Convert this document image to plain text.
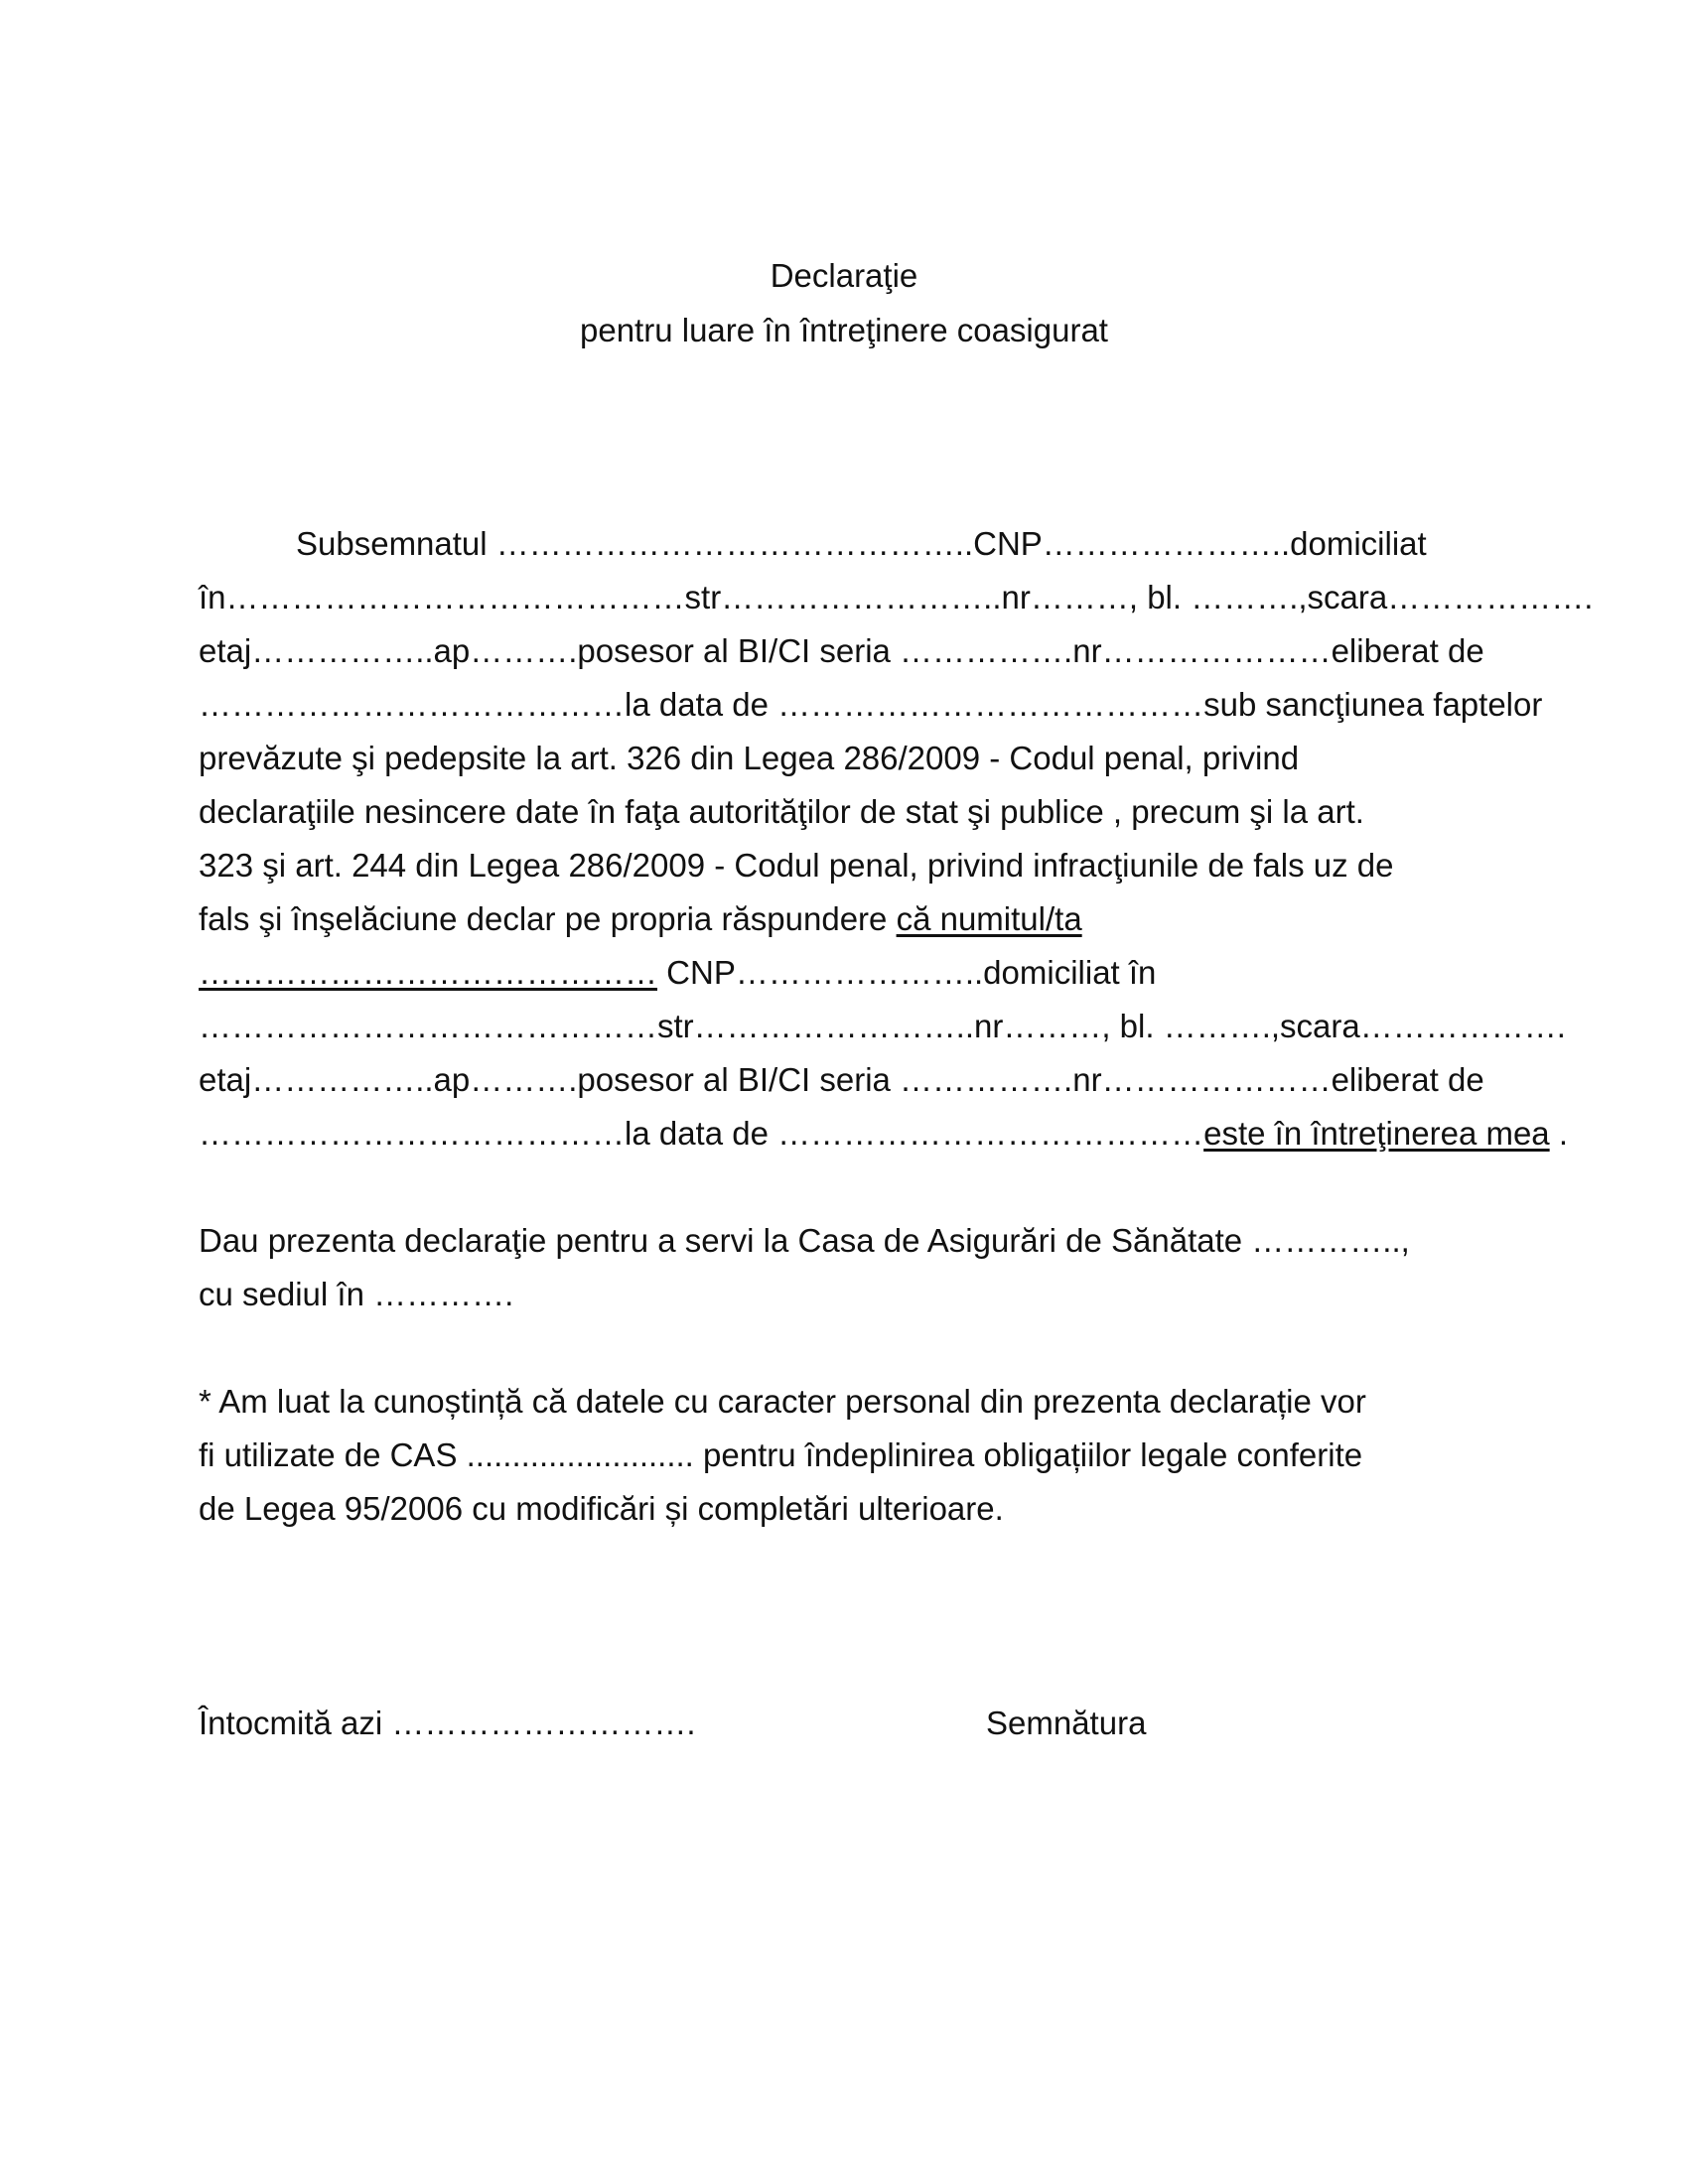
Declaraţie
pentru luare în întreţinere coasigurat
Subsemnatul ……………………………………..CNP…………………..domiciliat
în……………………………………str……………………..nr………, bl. ……….,scara……………….
etaj……………..ap……….posesor al BI/CI seria …………….nr…………………eliberat de
…………………………………la data de …………………………………sub sancţiunea faptelor
prevăzute şi pedepsite la art. 326 din Legea 286/2009 - Codul penal, privind
declaraţiile nesincere date în faţa autorităţilor de stat şi publice , precum şi la art.
323 şi art. 244 din Legea 286/2009 - Codul penal, privind infracţiunile de fals uz de
fals şi înşelăciune declar pe propria răspundere că numitul/ta
…………………………………… CNP…………………..domiciliat în
……………………………………str……………………..nr………, bl. ……….,scara……………….
etaj……………..ap……….posesor al BI/CI seria …………….nr…………………eliberat de
…………………………………la data de …………………………………este în întreţinerea mea .
Dau prezenta declaraţie pentru a servi la Casa de Asigurări de Sănătate …………..,
cu sediul în ………….
* Am luat la cunoștință că datele cu caracter personal din prezenta declarație vor
fi utilizate de CAS ......................... pentru îndeplinirea obligațiilor legale conferite
de Legea 95/2006 cu modificări și completări ulterioare.
Întocmită azi ……………………….	Semnătura
